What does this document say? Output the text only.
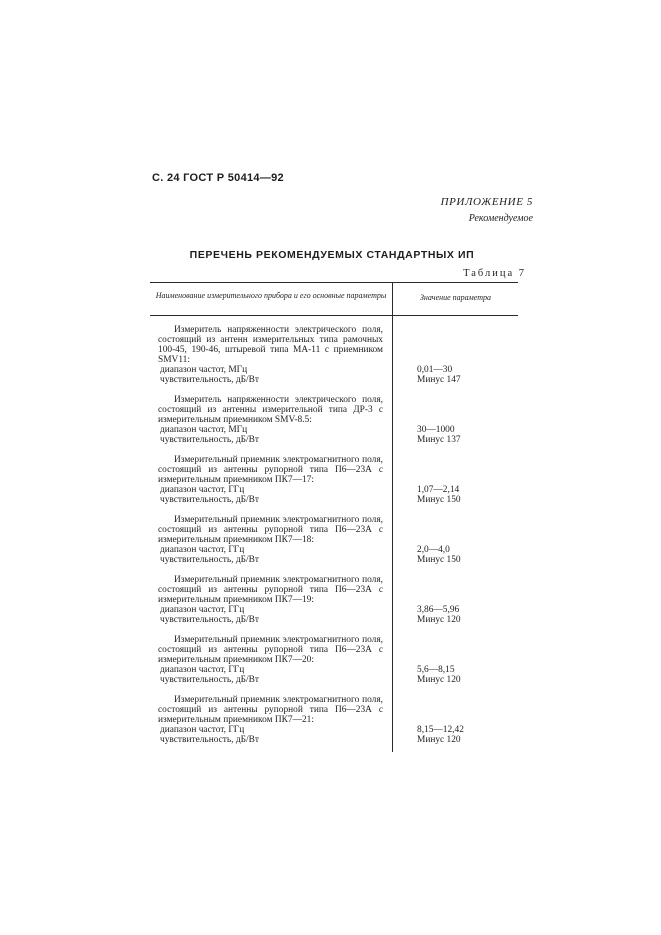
С. 24 ГОСТ Р 50414—92
ПРИЛОЖЕНИЕ 5
Рекомендуемое
ПЕРЕЧЕНЬ РЕКОМЕНДУЕМЫХ СТАНДАРТНЫХ ИП
Таблица 7
Наименование измерительного прибора и его основные параметры	Значение параметра
Измеритель напряженности электрического поля, состоящий из антенн измерительных типа рамочных 100-45, 190-46, штыревой типа МА-11 с приемником SMV11:
диапазон частот, МГц
чувствительность, дБ/Вт
0,01—30
Минус 147
Измеритель напряженности электрического поля, состоящий из антенны измерительной типа ДР-3 с измерительным приемником SMV-8.5:
диапазон частот, МГц
чувствительность, дБ/Вт
30—1000
Минус 137
Измерительный приемник электромагнитного поля, состоящий из антенны рупорной типа П6—23А с измерительным приемником ПК7—17:
диапазон частот, ГГц
чувствительность, дБ/Вт
1,07—2,14
Минус 150
Измерительный приемник электромагнитного поля, состоящий из антенны рупорной типа П6—23А с измерительным приемником ПК7—18:
диапазон частот, ГГц
чувствительность, дБ/Вт
2,0—4,0
Минус 150
Измерительный приемник электромагнитного поля, состоящий из антенны рупорной типа П6—23А с измерительным приемником ПК7—19:
диапазон частот, ГГц
чувствительность, дБ/Вт
3,86—5,96
Минус 120
Измерительный приемник электромагнитного поля, состоящий из антенны рупорной типа П6—23А с измерительным приемником ПК7—20:
диапазон частот, ГГц
чувствительность, дБ/Вт
5,6—8,15
Минус 120
Измерительный приемник электромагнитного поля, состоящий из антенны рупорной типа П6—23А с измерительным приемником ПК7—21:
диапазон частот, ГГц
чувствительность, дБ/Вт
8,15—12,42
Минус 120
